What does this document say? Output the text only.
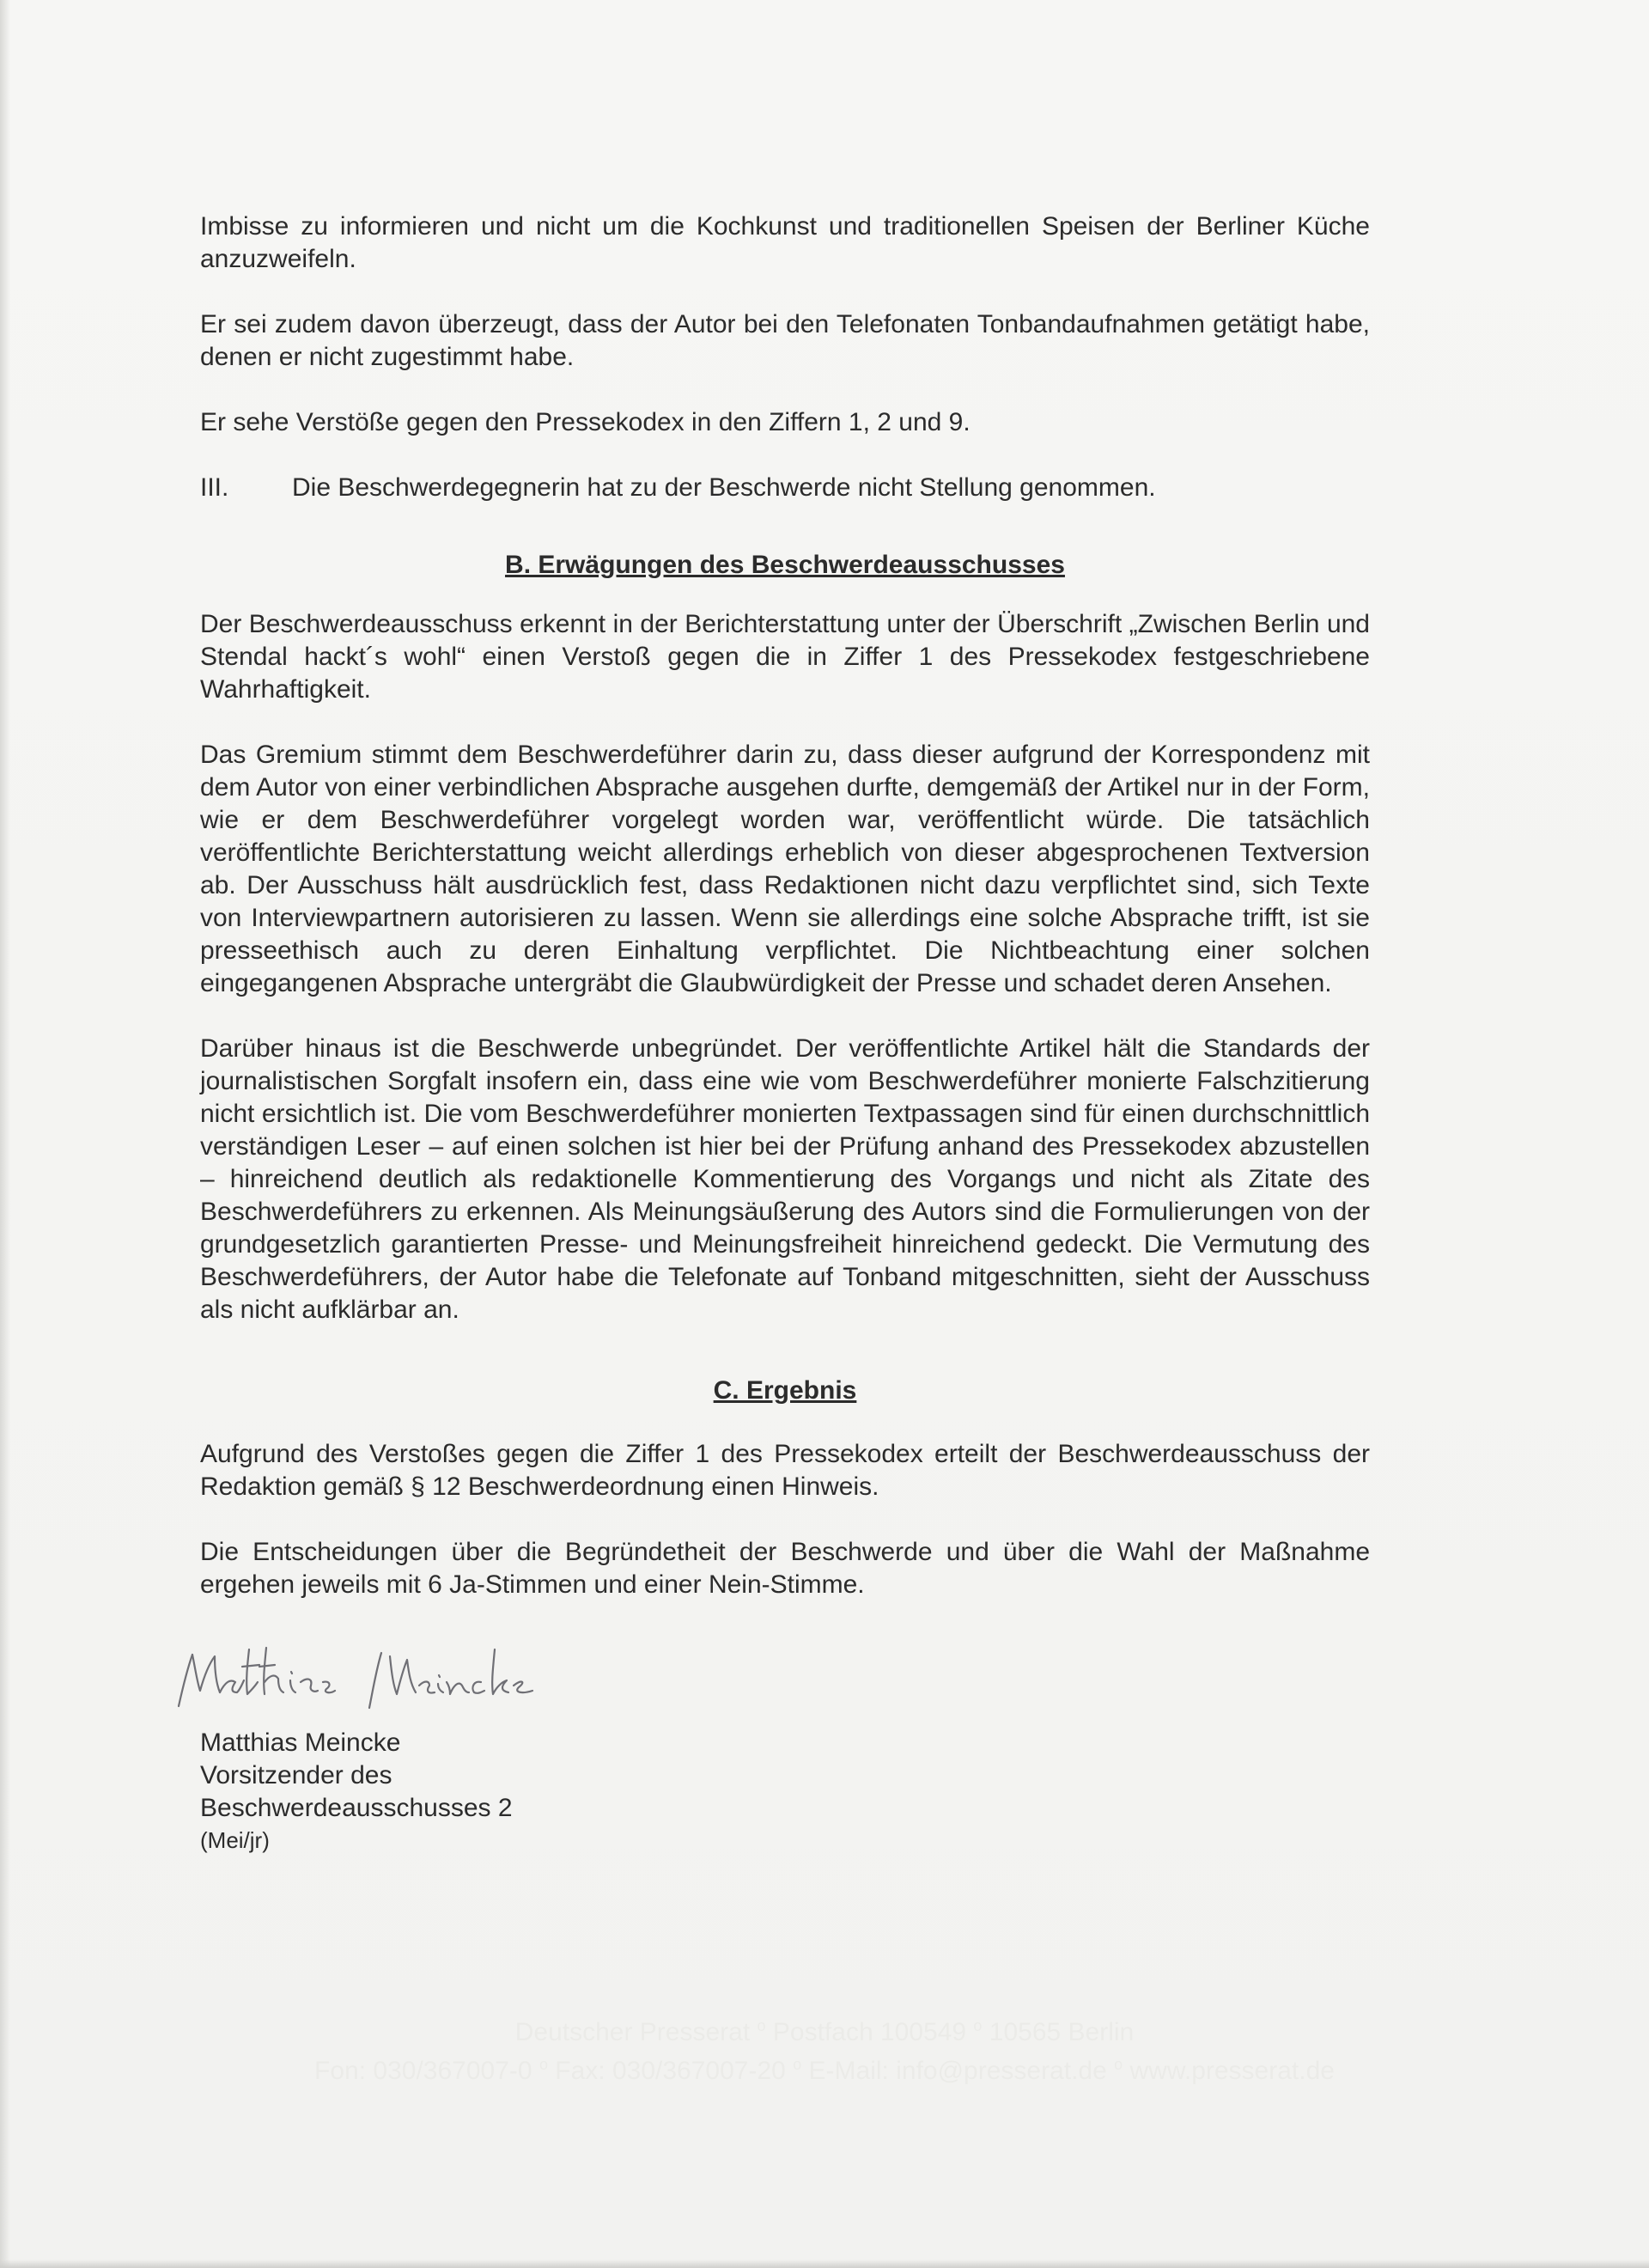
Imbisse zu informieren und nicht um die Kochkunst und traditionellen Speisen der Berliner Küche anzuzweifeln.

Er sei zudem davon überzeugt, dass der Autor bei den Telefonaten Tonbandaufnahmen getätigt habe, denen er nicht zugestimmt habe.

Er sehe Verstöße gegen den Pressekodex in den Ziffern 1, 2 und 9.

III.	Die Beschwerdegegnerin hat zu der Beschwerde nicht Stellung genommen.
B. Erwägungen des Beschwerdeausschusses

Der Beschwerdeausschuss erkennt in der Berichterstattung unter der Überschrift „Zwischen Berlin und Stendal hackt´s wohl“ einen Verstoß gegen die in Ziffer 1 des Pressekodex festgeschriebene Wahrhaftigkeit.

Das Gremium stimmt dem Beschwerdeführer darin zu, dass dieser aufgrund der Korrespondenz mit dem Autor von einer verbindlichen Absprache ausgehen durfte, demgemäß der Artikel nur in der Form, wie er dem Beschwerdeführer vorgelegt worden war, veröffentlicht würde. Die tatsächlich veröffentlichte Berichterstattung weicht allerdings erheblich von dieser abgesprochenen Textversion ab. Der Ausschuss hält ausdrücklich fest, dass Redaktionen nicht dazu verpflichtet sind, sich Texte von Interviewpartnern autorisieren zu lassen. Wenn sie allerdings eine solche Absprache trifft, ist sie presseethisch auch zu deren Einhaltung verpflichtet. Die Nichtbeachtung einer solchen eingegangenen Absprache untergräbt die Glaubwürdigkeit der Presse und schadet deren Ansehen.

Darüber hinaus ist die Beschwerde unbegründet. Der veröffentlichte Artikel hält die Standards der journalistischen Sorgfalt insofern ein, dass eine wie vom Beschwerdeführer monierte Falschzitierung nicht ersichtlich ist. Die vom Beschwerdeführer monierten Textpassagen sind für einen durchschnittlich verständigen Leser – auf einen solchen ist hier bei der Prüfung anhand des Pressekodex abzustellen – hinreichend deutlich als redaktionelle Kommentierung des Vorgangs und nicht als Zitate des Beschwerdeführers zu erkennen. Als Meinungsäußerung des Autors sind die Formulierungen von der grundgesetzlich garantierten Presse- und Meinungsfreiheit hinreichend gedeckt. Die Vermutung des Beschwerdeführers, der Autor habe die Telefonate auf Tonband mitgeschnitten, sieht der Ausschuss als nicht aufklärbar an.

C. Ergebnis

Aufgrund des Verstoßes gegen die Ziffer 1 des Pressekodex erteilt der Beschwerdeausschuss der Redaktion gemäß § 12 Beschwerdeordnung einen Hinweis.

Die Entscheidungen über die Begründetheit der Beschwerde und über die Wahl der Maßnahme ergehen jeweils mit 6 Ja-Stimmen und einer Nein-Stimme.

Matthias Meincke
Vorsitzender des
Beschwerdeausschusses 2
(Mei/jr)
Deutscher Presserat $^o$ Postfach 100549 $^o$ 10565 Berlin
Fon: 030/367007-0 $^o$ Fax: 030/367007-20 $^o$ E-Mail: info@presserat.de $^o$ www.presserat.de
